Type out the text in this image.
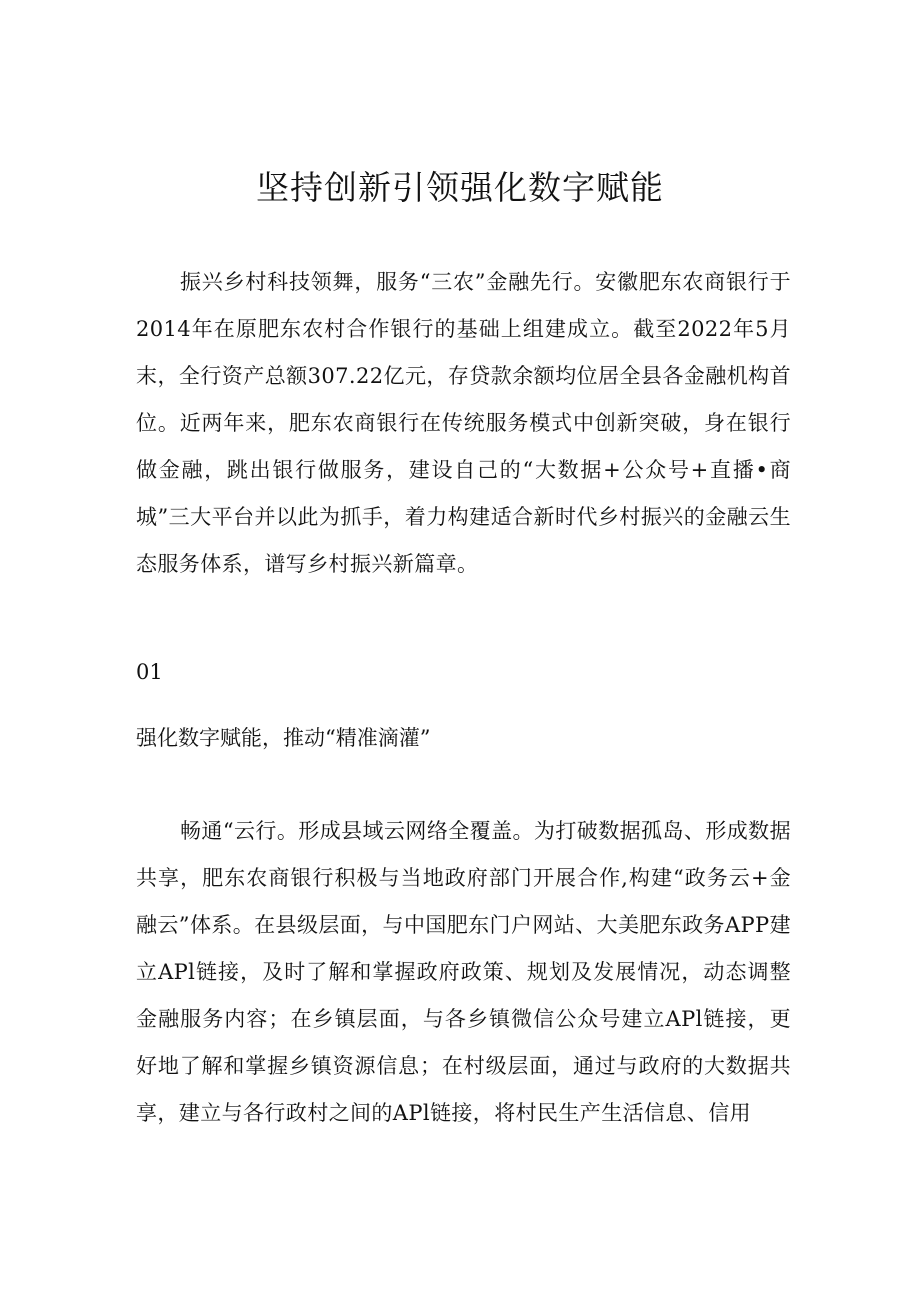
坚持创新引领强化数字赋能

振兴乡村科技领舞，服务“三农”金融先行。安徽肥东农商银行于2014年在原肥东农村合作银行的基础上组建成立。截至2022年5月末，全行资产总额307.22亿元，存贷款余额均位居全县各金融机构首位。近两年来，肥东农商银行在传统服务模式中创新突破，身在银行做金融，跳出银行做服务，建设自己的“大数据+公众号+直播•商城”三大平台并以此为抓手，着力构建适合新时代乡村振兴的金融云生态服务体系，谱写乡村振兴新篇章。

01
强化数字赋能，推动“精准滴灌”

畅通“云行。形成县域云网络全覆盖。为打破数据孤岛、形成数据共享，肥东农商银行积极与当地政府部门开展合作,构建“政务云+金融云”体系。在县级层面，与中国肥东门户网站、大美肥东政务APP建立APl链接，及时了解和掌握政府政策、规划及发展情况，动态调整金融服务内容；在乡镇层面，与各乡镇微信公众号建立APl链接，更好地了解和掌握乡镇资源信息；在村级层面，通过与政府的大数据共享，建立与各行政村之间的APl链接，将村民生产生活信息、信用
